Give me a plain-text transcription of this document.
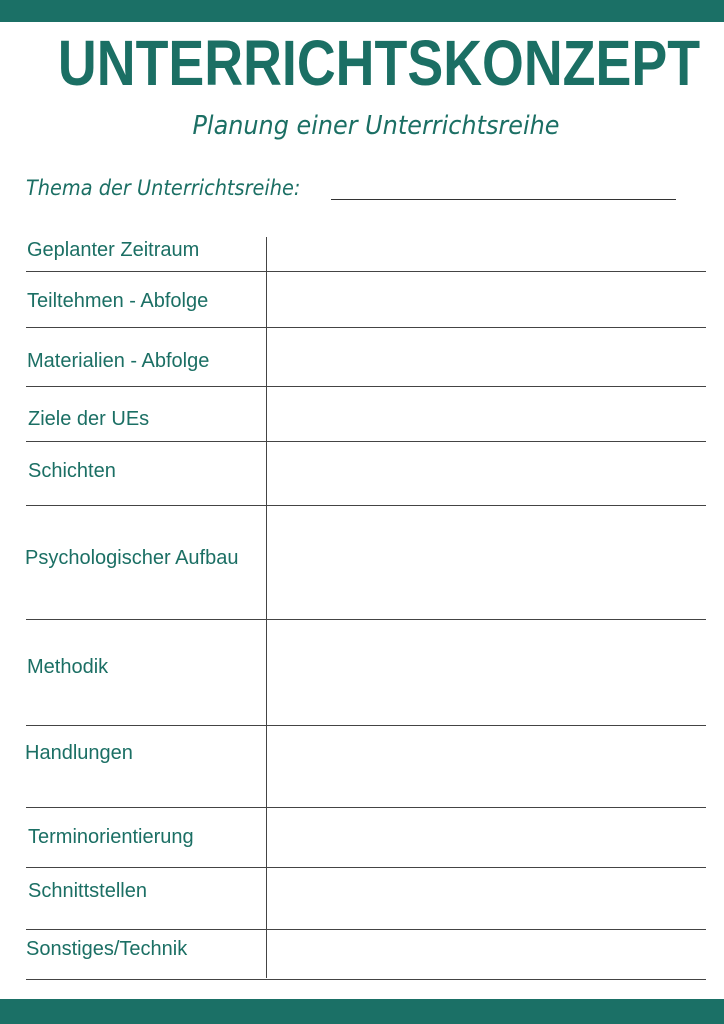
UNTERRICHTSKONZEPT
Planung einer Unterrichtsreihe
Thema der Unterrichtsreihe:
Geplanter Zeitraum
Teiltehmen - Abfolge
Materialien - Abfolge
Ziele der UEs
Schichten
Psychologischer Aufbau
Methodik
Handlungen
Terminorientierung
Schnittstellen
Sonstiges/Technik
